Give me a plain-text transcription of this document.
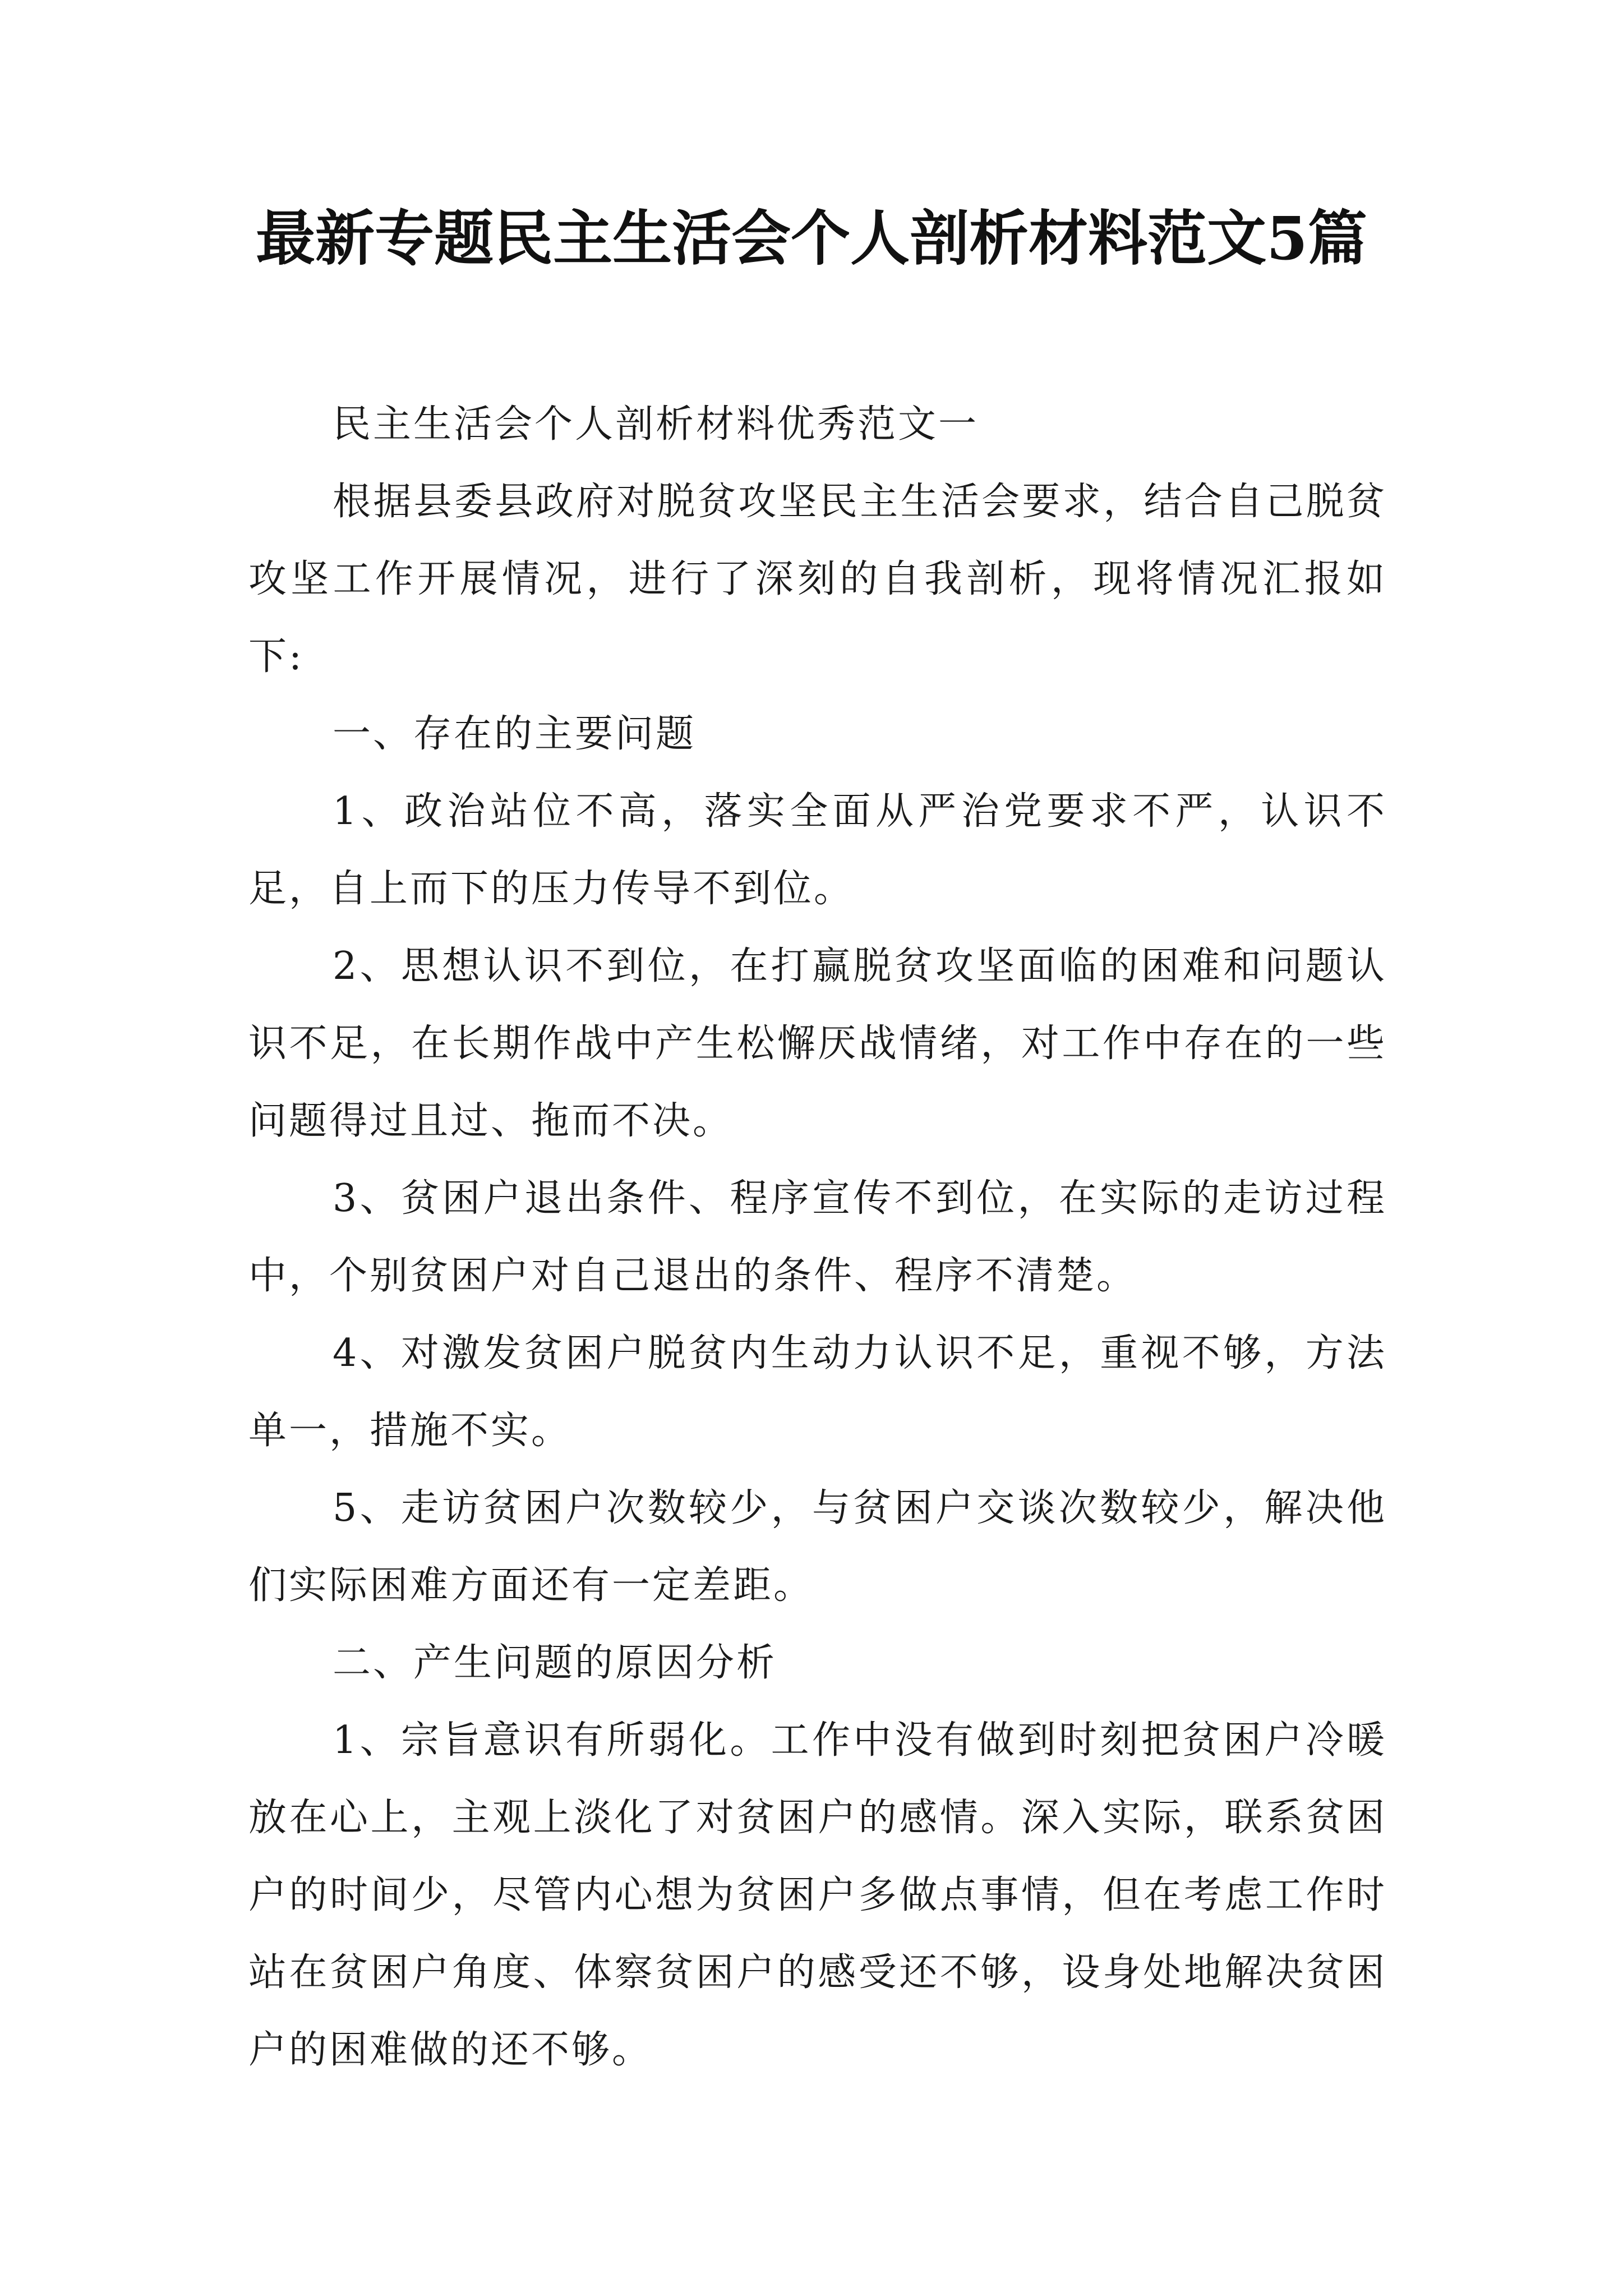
最新专题民主生活会个人剖析材料范文5篇

民主生活会个人剖析材料优秀范文一

根据县委县政府对脱贫攻坚民主生活会要求，结合自己脱贫攻坚工作开展情况，进行了深刻的自我剖析，现将情况汇报如下:

一、存在的主要问题

1、政治站位不高，落实全面从严治党要求不严，认识不足，自上而下的压力传导不到位。

2、思想认识不到位，在打赢脱贫攻坚面临的困难和问题认识不足，在长期作战中产生松懈厌战情绪，对工作中存在的一些问题得过且过、拖而不决。

3、贫困户退出条件、程序宣传不到位，在实际的走访过程中，个别贫困户对自己退出的条件、程序不清楚。

4、对激发贫困户脱贫内生动力认识不足，重视不够，方法单一，措施不实。

5、走访贫困户次数较少，与贫困户交谈次数较少，解决他们实际困难方面还有一定差距。

二、产生问题的原因分析

1、宗旨意识有所弱化。工作中没有做到时刻把贫困户冷暖放在心上，主观上淡化了对贫困户的感情。深入实际，联系贫困户的时间少，尽管内心想为贫困户多做点事情，但在考虑工作时站在贫困户角度、体察贫困户的感受还不够，设身处地解决贫困户的困难做的还不够。
